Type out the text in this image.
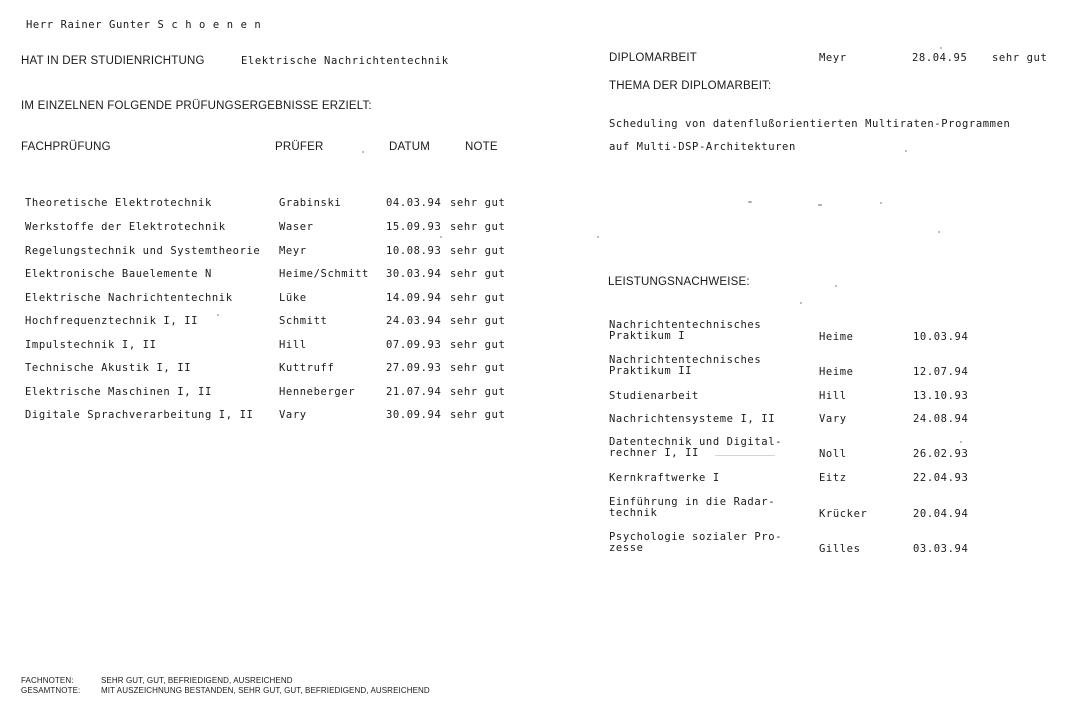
Herr Rainer Gunter S c h o e n e n
HAT IN DER STUDIENRICHTUNG	Elektrische Nachrichtentechnik
IM EINZELNEN FOLGENDE PRÜFUNGSERGEBNISSE ERZIELT:
FACHPRÜFUNG	PRÜFER	DATUM	NOTE
Theoretische Elektrotechnik	Grabinski	04.03.94 sehr gut
Werkstoffe der Elektrotechnik	Waser	15.09.93 sehr gut
Regelungstechnik und Systemtheorie Meyr	10.08.93 sehr gut
Elektronische Bauelemente N	Heime/Schmitt 30.03.94 sehr gut
Elektrische Nachrichtentechnik	Lüke	14.09.94 sehr gut
Hochfrequenztechnik I, II	Schmitt	24.03.94 sehr gut
Impulstechnik I, II	Hill	07.09.93 sehr gut
Technische Akustik I, II	Kuttruff	27.09.93 sehr gut
Elektrische Maschinen I, II	Henneberger	21.07.94 sehr gut
Digitale Sprachverarbeitung I, II Vary	30.09.94 sehr gut
DIPLOMARBEIT	Meyr	28.04.95 sehr gut
THEMA DER DIPLOMARBEIT:
Scheduling von datenflußorientierten Multiraten-Programmen
auf Multi-DSP-Architekturen
LEISTUNGSNACHWEISE:
Nachrichtentechnisches
Praktikum I	Heime	10.03.94
Nachrichtentechnisches
Praktikum II	Heime	12.07.94
Studienarbeit	Hill	13.10.93
Nachrichtensysteme I, II	Vary	24.08.94
Datentechnik und Digital-
rechner I, II	Noll	26.02.93
Kernkraftwerke I	Eitz	22.04.93
Einführung in die Radar-
technik	Krücker	20.04.94
Psychologie sozialer Pro-
zesse	Gilles	03.03.94
FACHNOTEN:	SEHR GUT, GUT, BEFRIEDIGEND, AUSREICHEND
GESAMTNOTE:	MIT AUSZEICHNUNG BESTANDEN, SEHR GUT, GUT, BEFRIEDIGEND, AUSREICHEND
